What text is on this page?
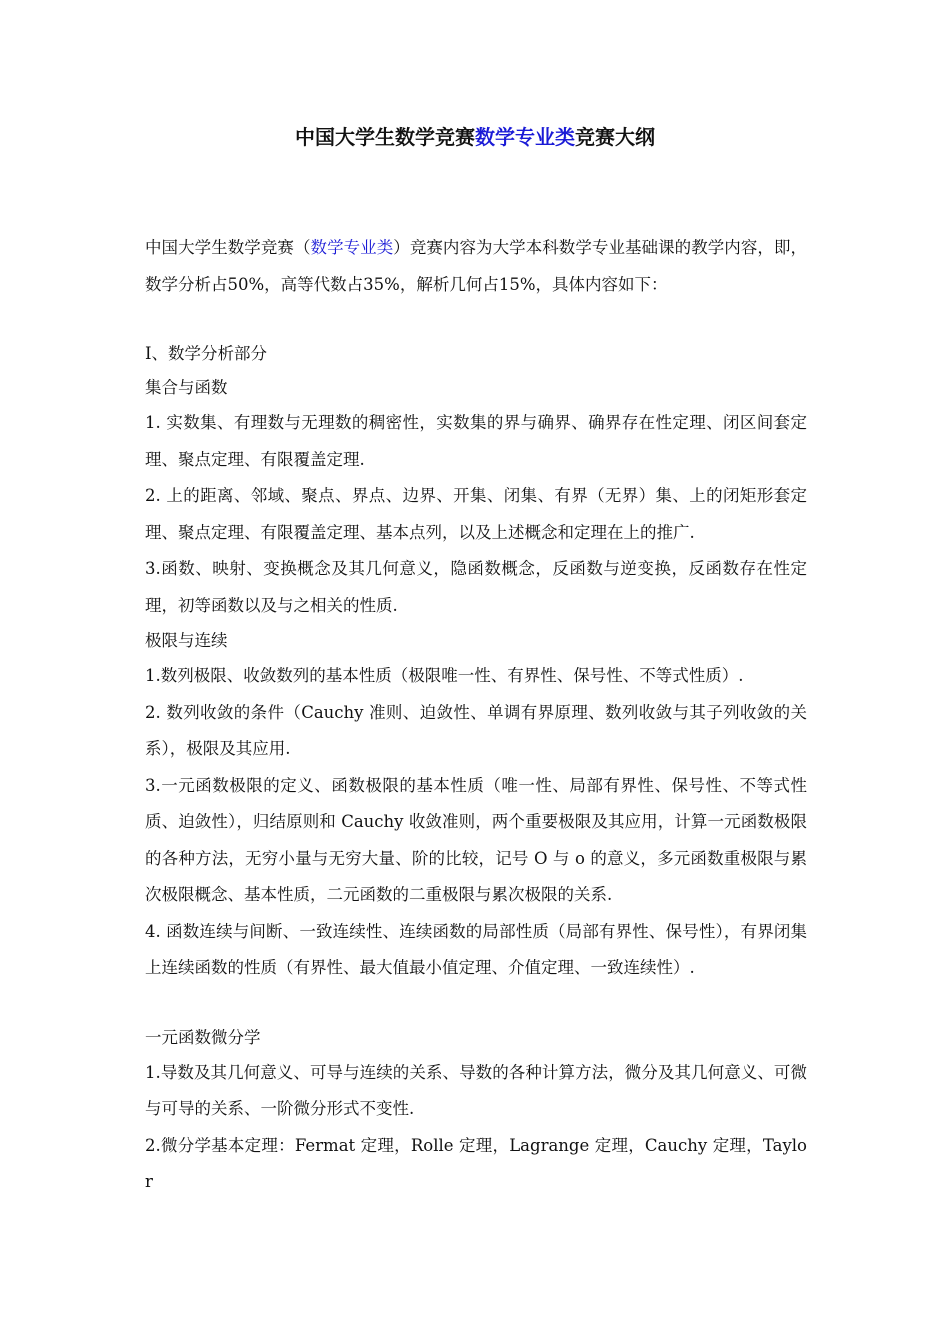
中国大学生数学竞赛数学专业类竞赛大纲

中国大学生数学竞赛（数学专业类）竞赛内容为大学本科数学专业基础课的教学内容，即，数学分析占50%，高等代数占35%，解析几何占15%，具体内容如下：

Ⅰ、数学分析部分

集合与函数

1. 实数集、有理数与无理数的稠密性，实数集的界与确界、确界存在性定理、闭区间套定理、聚点定理、有限覆盖定理.

2. 上的距离、邻域、聚点、界点、边界、开集、闭集、有界（无界）集、上的闭矩形套定理、聚点定理、有限覆盖定理、基本点列，以及上述概念和定理在上的推广.

3.函数、映射、变换概念及其几何意义，隐函数概念，反函数与逆变换，反函数存在性定理，初等函数以及与之相关的性质.

极限与连续

1.数列极限、收敛数列的基本性质（极限唯一性、有界性、保号性、不等式性质）.

2. 数列收敛的条件（Cauchy 准则、迫敛性、单调有界原理、数列收敛与其子列收敛的关系），极限及其应用.

3.一元函数极限的定义、函数极限的基本性质（唯一性、局部有界性、保号性、不等式性质、迫敛性），归结原则和 Cauchy 收敛准则，两个重要极限及其应用，计算一元函数极限的各种方法，无穷小量与无穷大量、阶的比较，记号 O 与 o 的意义，多元函数重极限与累次极限概念、基本性质，二元函数的二重极限与累次极限的关系.

4. 函数连续与间断、一致连续性、连续函数的局部性质（局部有界性、保号性），有界闭集上连续函数的性质（有界性、最大值最小值定理、介值定理、一致连续性）.

一元函数微分学

1.导数及其几何意义、可导与连续的关系、导数的各种计算方法，微分及其几何意义、可微与可导的关系、一阶微分形式不变性.

2.微分学基本定理：Fermat 定理，Rolle 定理，Lagrange 定理，Cauchy 定理，Taylor
